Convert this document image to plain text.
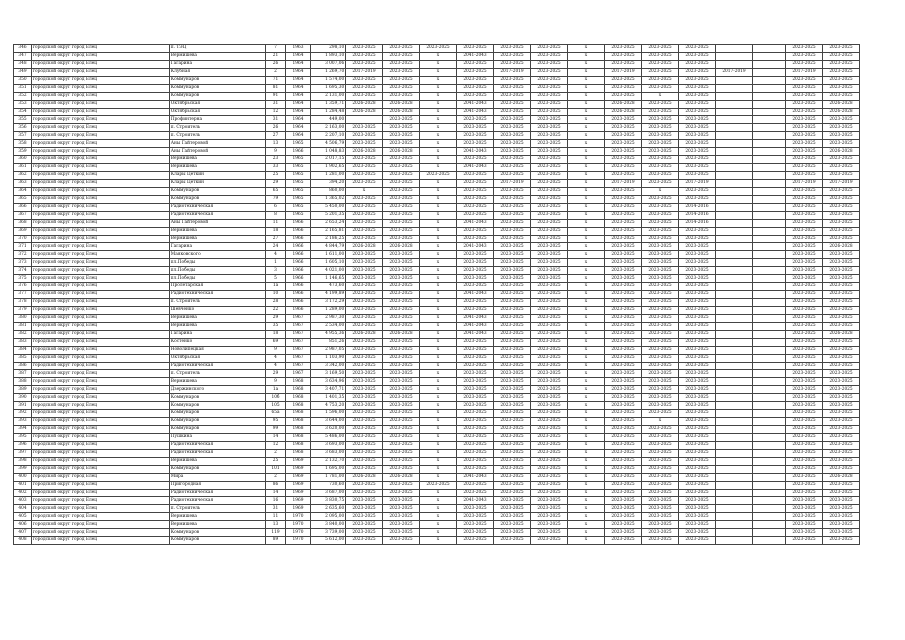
346	городской округ город Елец	п. ТЭЦ	7	1963	298,10	2023-2025	2023-2025	2023-2025	2023-2025	2023-2025	2023-2025	х	2023-2025	2023-2025	2023-2025			2023-2025	2023-2025
347	городской округ город Елец	Вермишева	21	1964	1 893,10	2023-2025	2023-2025	х	2041-2043	2023-2025	2023-2025	х	2023-2025	2023-2025	2023-2025			2023-2025	2023-2025
348	городской округ город Елец	Гагарина	26	1964	3 007,06	2023-2025	2023-2025	х	2023-2025	2023-2025	2023-2025	х	2023-2025	2023-2025	2023-2025			2023-2025	2023-2025
349	городской округ город Елец	Клубная	2	1964	1 269,70	2017-2019	2023-2025	х	2023-2025	2017-2019	2023-2025	х	2017-2019	2023-2025	2023-2025	2017-2019		2017-2019	2023-2025
350	городской округ город Елец	Коммунаров	71	1964	1 574,00	2023-2025	2023-2025	х	2023-2025	2023-2025	2023-2025	х	2023-2025	2023-2025	2023-2025			2023-2025	2023-2025
351	городской округ город Елец	Коммунаров	81	1964	1 695,30	2023-2025	2023-2025	х	2023-2025	2023-2025	2023-2025	х	2023-2025	2023-2025	2023-2025			2023-2025	2023-2025
352	городской округ город Елец	Коммунаров	91	1964	2 131,00	2023-2025	2023-2025	х	2023-2025	2023-2025	2023-2025	х	2023-2025	х	2023-2025			2023-2025	2023-2025
353	городской округ город Елец	Октябрьская	31	1964	1 359,71	2026-2028	2026-2028	х	2041-2043	2023-2025	2023-2025	х	2026-2028	2023-2025	2023-2025			2023-2025	2026-2028
354	городской округ город Елец	Октябрьская	12	1964	1 284,48	2026-2028	2026-2028	х	2041-2043	2023-2025	2023-2025	х	2026-2028	2023-2025	2023-2025			2023-2025	2026-2028
355	городской округ город Елец	Профинтерна	31	1964	449,00		2023-2025	х	2023-2025	2023-2025	2023-2025	х	2023-2025	2023-2025	2023-2025			2023-2025	2023-2025
356	городской округ город Елец	п. Строитель	26	1964	2 163,00	2023-2025	2023-2025	х	2023-2025	2023-2025	2023-2025	х	2023-2025	2023-2025	2023-2025			2023-2025	2023-2025
357	городской округ город Елец	п. Строитель	27	1964	2 207,10	2023-2025	2023-2025	х	2023-2025	2023-2025	2023-2025	х	2023-2025	2023-2025	2023-2025			2023-2025	2023-2025
358	городской округ город Елец	Аны Гайтеровой	13	1965	4 506,79	2023-2025	2023-2025	х	2023-2025	2023-2025	2023-2025	х	2023-2025	2023-2025	2023-2025			2023-2025	2023-2025
359	городской округ город Елец	Аны Гайтеровой	9	1966	1 048,83	2026-2028	2026-2028	х	2041-2043	2023-2025	2023-2025	х	2023-2025	2023-2025	2023-2025			2023-2025	2026-2028
360	городской округ город Елец	Вермишева	23	1965	2 017,15	2023-2025	2023-2025	х	2023-2025	2023-2025	2023-2025	х	2023-2025	2023-2025	2023-2025			2023-2025	2023-2025
361	городской округ город Елец	Вермишева	33	1965	1 902,65	2023-2025	2023-2025	х	2041-2043	2023-2025	2023-2025	х	2023-2025	2023-2025	2023-2025			2023-2025	2023-2025
362	городской округ город Елец	Клары Цеткин	25	1965	1 281,00	2023-2025	2023-2025	2023-2025	2023-2025	2023-2025	2023-2025	х	2023-2025	2023-2025	2023-2025			2023-2025	2023-2025
363	городской округ город Елец	Клары Цеткин	29	1965	394,20	2023-2025	2023-2025	х	2023-2025	2017-2019	2023-2025	х	2017-2019	2023-2025	2017-2019			2017-2019	2017-2019
364	городской округ город Елец	Коммунаров	65	1965	860,00	х	2023-2025	х	2023-2025	2023-2025	2023-2025	х	2023-2025	х	2023-2025			2023-2025	2023-2025
365	городской округ город Елец	Коммунаров	79	1965	1 365,02	2023-2025	2023-2025	х	2023-2025	2023-2025	2023-2025	х	2023-2025	2023-2025	2023-2025			2023-2025	2023-2025
366	городской округ город Елец	Радиотехническая	6	1965	5 450,00	2023-2025	2023-2025	х	2023-2025	2023-2025	2023-2025	х	2023-2025	2023-2025	2014-2016			2023-2025	2023-2025
367	городской округ город Елец	Радиотехническая	8	1965	5 201,35	2023-2025	2023-2025	х	2023-2025	2023-2025	2023-2025	х	2023-2025	2023-2025	2014-2016			2023-2025	2023-2025
368	городской округ город Елец	Аны Гайтеровой	11	1966	2 653,24	2023-2025	2023-2025	х	2041-2043	2023-2025	2023-2025	х	2023-2025	2023-2025	2014-2016			2023-2025	2023-2025
369	городской округ город Елец	Вермишева	18	1966	2 165,81	2023-2025	2023-2025	х	2023-2025	2023-2025	2023-2025	х	2023-2025	2023-2025	2023-2025			2023-2025	2023-2025
370	городской округ город Елец	Вермишева	27	1966	2 186,25	2023-2025	2023-2025	х	2023-2025	2023-2025	2023-2025	х	2023-2025	2023-2025	2023-2025			2023-2025	2023-2025
371	городской округ город Елец	Гагарина	24	1966	4 844,79	2026-2028	2026-2028	х	2041-2043	2023-2025	2023-2025	х	2023-2025	2023-2025	2023-2025			2023-2025	2026-2028
372	городской округ город Елец	Маяковского	4	1966	1 611,00	2023-2025	2023-2025	х	2023-2025	2023-2025	2023-2025	х	2023-2025	2023-2025	2023-2025			2023-2025	2023-2025
373	городской округ город Елец	пл.Победы	1	1966	1 605,10	2023-2025	2023-2025	х	2023-2025	2023-2025	2023-2025	х	2023-2025	2023-2025	2023-2025			2023-2025	2023-2025
374	городской округ город Елец	пл.Победы	3	1966	4 021,00	2023-2025	2023-2025	х	2023-2025	2023-2025	2023-2025	х	2023-2025	2023-2025	2023-2025			2023-2025	2023-2025
375	городской округ город Елец	пл.Победы	5	1966	1 146,65	2023-2025	2023-2025	х	2023-2025	2023-2025	2023-2025	х	2023-2025	2023-2025	2023-2025			2023-2025	2023-2025
376	городской округ город Елец	Пролетарская	1а	1966	473,60	2023-2025	2023-2025	х	2023-2025	2023-2025	2023-2025	х	2023-2025	2023-2025	2023-2025			2023-2025	2023-2025
377	городской округ город Елец	Радиотехническая	10	1966	4 199,89	2023-2025	2023-2025	х	2041-2043	2023-2025	2023-2025	х	2023-2025	2023-2025	2023-2025			2023-2025	2023-2025
378	городской округ город Елец	п. Строитель	28	1966	3 172,29	2023-2025	2023-2025	х	2023-2025	2023-2025	2023-2025	х	2023-2025	2023-2025	2023-2025			2023-2025	2023-2025
379	городской округ город Елец	Шевченко	22	1966	1 289,00	2023-2025	2023-2025	х	2023-2025	2023-2025	2023-2025	х	2023-2025	2023-2025	2023-2025			2023-2025	2023-2025
380	городской округ город Елец	Вермишева	29	1967	2 987,30	2023-2025	2023-2025	х	2041-2043	2023-2025	2023-2025	х	2023-2025	2023-2025	2023-2025			2023-2025	2023-2025
381	городской округ город Елец	Вермишева	35	1967	2 534,00	2023-2025	2023-2025	х	2041-2043	2023-2025	2023-2025	х	2023-2025	2023-2025	2023-2025			2023-2025	2023-2025
382	городской округ город Елец	Гагарина	18	1967	4 955,36	2026-2028	2026-2028	х	2041-2043	2023-2025	2023-2025	х	2023-2025	2023-2025	2023-2025			2023-2025	2026-2028
383	городской округ город Елец	Костенко	69	1967	851,26	2023-2025	2023-2025	х	2023-2025	2023-2025	2023-2025	х	2023-2025	2023-2025	2023-2025			2023-2025	2023-2025
384	городской округ город Елец	Новолипецкая	9	1967	2 987,05	2023-2025	2023-2025	х	2023-2025	2023-2025	2023-2025	х	2023-2025	2023-2025	2023-2025			2023-2025	2023-2025
385	городской округ город Елец	Октябрьская	4	1967	1 103,90	2023-2025	2023-2025	х	2023-2025	2023-2025	2023-2025	х	2023-2025	2023-2025	2023-2025			2023-2025	2023-2025
386	городской округ город Елец	Радиотехническая	4	1967	3 342,00	2023-2025	2023-2025	х	2023-2025	2023-2025	2023-2025	х	2023-2025	2023-2025	2023-2025			2023-2025	2023-2025
387	городской округ город Елец	п. Строитель	29	1967	3 169,50	2023-2025	2023-2025	х	2023-2025	2023-2025	2023-2025	х	2023-2025	2023-2025	2023-2025			2023-2025	2023-2025
388	городской округ город Елец	Вермишева	9	1968	3 634,96	2023-2025	2023-2025	х	2023-2025	2023-2025	2023-2025	х	2023-2025	2023-2025	2023-2025			2023-2025	2023-2025
389	городской округ город Елец	Дзержинского	1а	1968	3 407,71	2023-2025	2023-2025	х	2023-2025	2023-2025	2023-2025	х	2023-2025	2023-2025	2023-2025			2023-2025	2023-2025
390	городской округ город Елец	Коммунаров	10б	1968	1 401,35	2023-2025	2023-2025	х	2023-2025	2023-2025	2023-2025	х	2023-2025	2023-2025	2023-2025			2023-2025	2023-2025
391	городской округ город Елец	Коммунаров	105	1968	4 753,20	2023-2025	2023-2025	х	2023-2025	2023-2025	2023-2025	х	2023-2025	2023-2025	2023-2025			2023-2025	2023-2025
392	городской округ город Елец	Коммунаров	65а	1968	1 596,00	2023-2025	2023-2025	х	2023-2025	2023-2025	2023-2025	х	2023-2025	2023-2025	2023-2025			2023-2025	2023-2025
393	городской округ город Елец	Коммунаров	95	1968	3 644,00	2023-2025	2023-2025	х	2023-2025	2023-2025	2023-2025	х	2023-2025	х	2023-2025			2023-2025	2023-2025
394	городской округ город Елец	Коммунаров	99	1968	3 620,00	2023-2025	2023-2025	х	2023-2025	2023-2025	2023-2025	х	2023-2025	2023-2025	2023-2025			2023-2025	2023-2025
395	городской округ город Елец	Пушкина	14	1968	5 486,00	2023-2025	2023-2025	х	2023-2025	2023-2025	2023-2025	х	2023-2025	2023-2025	2023-2025			2023-2025	2023-2025
396	городской округ город Елец	Радиотехническая	12	1968	3 693,00	2023-2025	2023-2025	х	2023-2025	2023-2025	2023-2025	х	2023-2025	2023-2025	2023-2025			2023-2025	2023-2025
397	городской округ город Елец	Радиотехническая	2	1968	3 683,00	2023-2025	2023-2025	х	2023-2025	2023-2025	2023-2025	х	2023-2025	2023-2025	2023-2025			2023-2025	2023-2025
398	городской округ город Елец	Вермишева	25	1969	2 132,70	2023-2025	2023-2025	х	2023-2025	2023-2025	2023-2025	х	2023-2025	2023-2025	2023-2025			2023-2025	2023-2025
399	городской округ город Елец	Коммунаров	101	1969	1 695,00	2023-2025	2023-2025	х	2023-2025	2023-2025	2023-2025	х	2023-2025	2023-2025	2023-2025			2023-2025	2023-2025
400	городской округ город Елец	Мира	2	1969	1 781,00	2026-2028	2026-2028	х	2041-2043	2023-2025	2023-2025	х	2023-2025	2023-2025	2023-2025			2023-2025	2026-2028
401	городской округ город Елец	Пригородная	86	1969	730,60	2023-2025	2023-2025	2023-2025	2023-2025	2023-2025	2023-2025	х	2023-2025	2023-2025	2023-2025			2023-2025	2023-2025
402	городской округ город Елец	Радиотехническая	14	1969	3 687,00	2023-2025	2023-2025	х	2023-2025	2023-2025	2023-2025	х	2023-2025	2023-2025	2023-2025			2023-2025	2023-2025
403	городской округ город Елец	Радиотехническая	16	1969	3 830,75	2023-2025	2023-2025	х	2041-2043	2023-2025	2023-2025	х	2023-2025	2023-2025	2023-2025			2023-2025	2023-2025
404	городской округ город Елец	п. Строитель	31	1969	2 635,60	2023-2025	2023-2025	х	2023-2025	2023-2025	2023-2025	х	2023-2025	2023-2025	2023-2025			2023-2025	2023-2025
405	городской округ город Елец	Вермишева	11	1970	2 095,00	2023-2025	2023-2025	х	2023-2025	2023-2025	2023-2025	х	2023-2025	2023-2025	2023-2025			2023-2025	2023-2025
406	городской округ город Елец	Вермишева	13	1970	3 840,00	2023-2025	2023-2025	х	2023-2025	2023-2025	2023-2025	х	2023-2025	2023-2025	2023-2025			2023-2025	2023-2025
407	городской округ город Елец	Коммунаров	119	1970	3 739,00	2023-2025	2023-2025	х	2023-2025	2023-2025	2023-2025	х	2023-2025	2023-2025	2023-2025			2023-2025	2023-2025
408	городской округ город Елец	Коммунаров	89	1970	5 612,00	2023-2025	2023-2025	х	2023-2025	2023-2025	2023-2025	х	2023-2025	2023-2025	2023-2025			2023-2025	2023-2025
